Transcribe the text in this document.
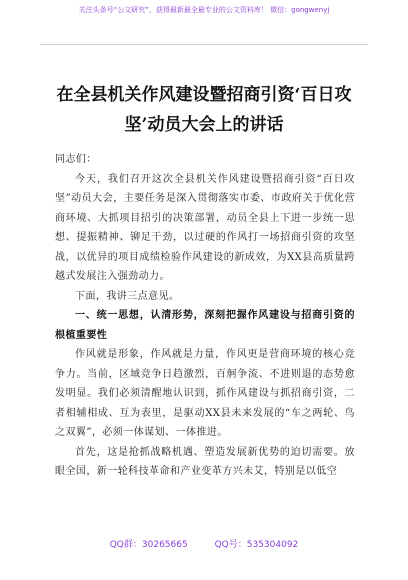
关注头条号“公文研究”，获得最新最全最专业的公文资料库！ 微信：gongwenyj
在全县机关作风建设暨招商引资‘百日攻坚’动员大会上的讲话

同志们：

今天，我们召开这次全县机关作风建设暨招商引资“百日攻坚”动员大会，主要任务是深入贯彻落实市委、市政府关于优化营商环境、大抓项目招引的决策部署，动员全县上下进一步统一思想、提振精神、铆足干劲，以过硬的作风打一场招商引资的攻坚战，以优异的项目成绩检验作风建设的新成效，为XX县高质量跨越式发展注入强劲动力。

下面，我讲三点意见。

一、统一思想，认清形势，深刻把握作风建设与招商引资的根植重要性

作风就是形象，作风就是力量，作风更是营商环境的核心竞争力。当前，区域竞争日趋激烈，百舸争流、不进则退的态势愈发明显。我们必须清醒地认识到，抓作风建设与抓招商引资，二者相辅相成、互为表里，是驱动XX县未来发展的“车之两轮、鸟之双翼”，必须一体谋划、一体推进。

首先，这是抢抓战略机遇、塑造发展新优势的迫切需要。放眼全国，新一轮科技革命和产业变革方兴未艾，特别是以低空

QQ群：30265665	QQ号：535304092
